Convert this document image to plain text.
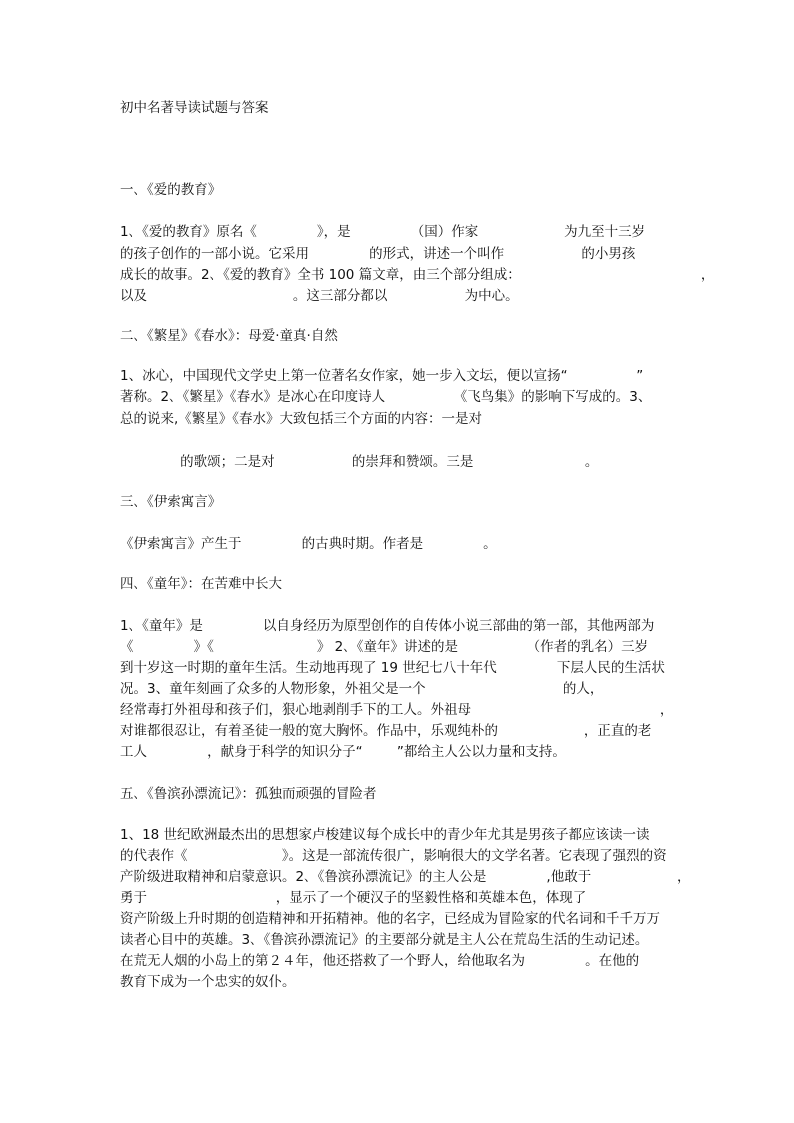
初中名著导读试题与答案
一､《爱的教育》
1､《爱的教育》原名《              》，是              （国）作家                    为九至十三岁
的孩子创作的一部小说。它采用              的形式，讲述一个叫作                  的小男孩
成长的故事。2､《爱的教育》全书 100 篇文章，由三个部分组成：                                          ，
以及                                  。这三部分都以                  为中心。
二､《繁星》《春水》：母爱·童真·自然
1、冰心，中国现代文学史上第一位著名女作家，她一步入文坛，便以宣扬“                ”
著称。2､《繁星》《春水》是冰心在印度诗人                《飞鸟集》的影响下写成的。3、
总的说来,《繁星》《春水》大致包括三个方面的内容：一是对
的歌颂；二是对                  的崇拜和赞颂。三是                          。
三､《伊索寓言》
《伊索寓言》产生于              的古典时期。作者是              。
四､《童年》：在苦难中长大
1､《童年》是              以自身经历为原型创作的自传体小说三部曲的第一部，其他两部为
《              》《                        》 2､《童年》讲述的是                （作者的乳名）三岁
到十岁这一时期的童年生活。生动地再现了 19 世纪七八十年代              下层人民的生活状
况。3、童年刻画了众多的人物形象，外祖父是一个                                的人，
经常毒打外祖母和孩子们，狠心地剥削手下的工人。外祖母                                            ，
对谁都很忍让，有着圣徒一般的宽大胸怀。作品中，乐观纯朴的                    ，正直的老
工人              ，献身于科学的知识分子“        ”都给主人公以力量和支持。
五､《鲁滨孙漂流记》：孤独而顽强的冒险者
1、18 世纪欧洲最杰出的思想家卢梭建议每个成长中的青少年尤其是男孩子都应该读一读
的代表作《                      》。这是一部流传很广，影响很大的文学名著。它表现了强烈的资
产阶级进取精神和启蒙意识。2､《鲁滨孙漂流记》的主人公是              ,他敢于                    ，
勇于                              ，显示了一个硬汉子的坚毅性格和英雄本色，体现了
资产阶级上升时期的创造精神和开拓精神。他的名字，已经成为冒险家的代名词和千千万万
读者心目中的英雄。3､《鲁滨孙漂流记》的主要部分就是主人公在荒岛生活的生动记述。
在荒无人烟的小岛上的第２４年，他还搭救了一个野人，给他取名为              。在他的
教育下成为一个忠实的奴仆。
